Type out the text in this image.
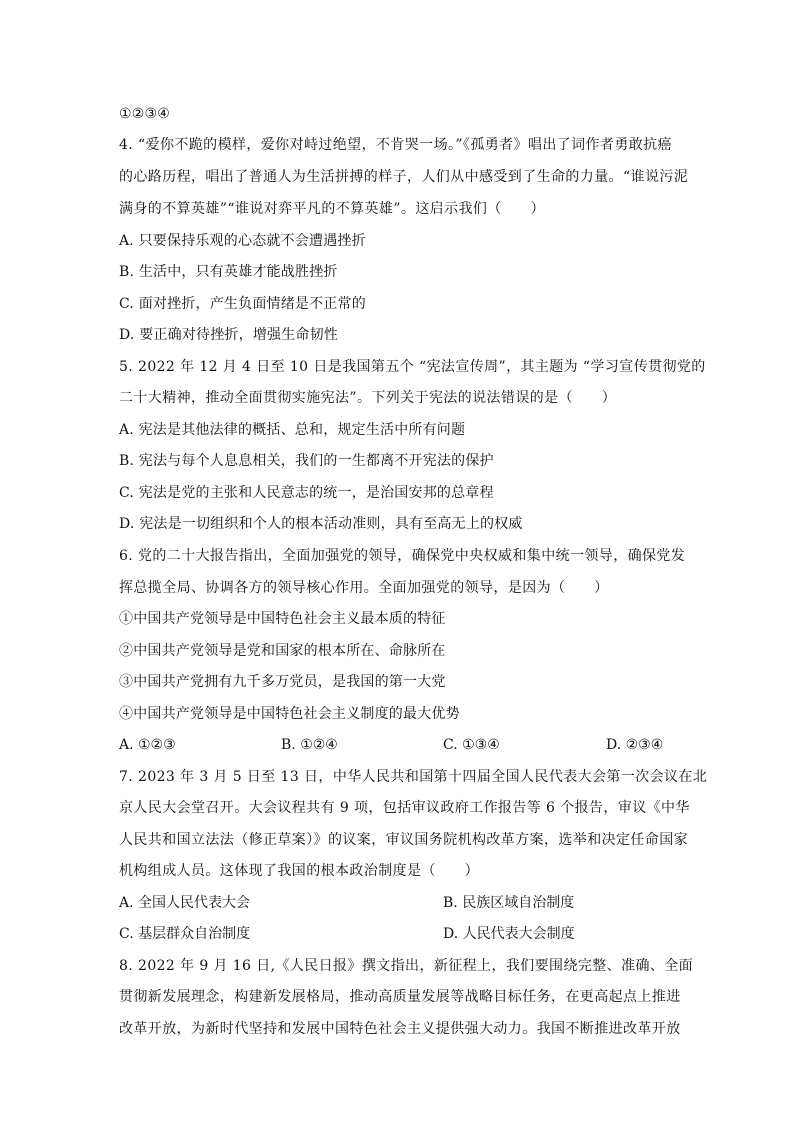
①②③④
4. “爱你不跪的模样，爱你对峙过绝望，不肯哭一场。”《孤勇者》唱出了词作者勇敢抗癌
的心路历程，唱出了普通人为生活拼搏的样子，人们从中感受到了生命的力量。“谁说污泥
满身的不算英雄”“谁说对弈平凡的不算英雄”。这启示我们（　　）
A. 只要保持乐观的心态就不会遭遇挫折
B. 生活中，只有英雄才能战胜挫折
C. 面对挫折，产生负面情绪是不正常的
D. 要正确对待挫折，增强生命韧性
5. 2022 年 12 月 4 日至 10 日是我国第五个 “宪法宣传周”，其主题为 “学习宣传贯彻党的
二十大精神，推动全面贯彻实施宪法”。下列关于宪法的说法错误的是（　　）
A. 宪法是其他法律的概括、总和，规定生活中所有问题
B. 宪法与每个人息息相关，我们的一生都离不开宪法的保护
C. 宪法是党的主张和人民意志的统一，是治国安邦的总章程
D. 宪法是一切组织和个人的根本活动准则，具有至高无上的权威
6. 党的二十大报告指出，全面加强党的领导，确保党中央权威和集中统一领导，确保党发
挥总揽全局、协调各方的领导核心作用。全面加强党的领导，是因为（　　）
①中国共产党领导是中国特色社会主义最本质的特征
②中国共产党领导是党和国家的根本所在、命脉所在
③中国共产党拥有九千多万党员，是我国的第一大党
④中国共产党领导是中国特色社会主义制度的最大优势
A. ①②③	B. ①②④	C. ①③④	D. ②③④
7. 2023 年 3 月 5 日至 13 日，中华人民共和国第十四届全国人民代表大会第一次会议在北
京人民大会堂召开。大会议程共有 9 项，包括审议政府工作报告等 6 个报告，审议《中华
人民共和国立法法（修正草案）》的议案，审议国务院机构改革方案，选举和决定任命国家
机构组成人员。这体现了我国的根本政治制度是（　　）
A. 全国人民代表大会	B. 民族区域自治制度
C. 基层群众自治制度	D. 人民代表大会制度
8. 2022 年 9 月 16 日,《人民日报》撰文指出，新征程上，我们要围绕完整、准确、全面
贯彻新发展理念，构建新发展格局，推动高质量发展等战略目标任务，在更高起点上推进
改革开放，为新时代坚持和发展中国特色社会主义提供强大动力。我国不断推进改革开放
